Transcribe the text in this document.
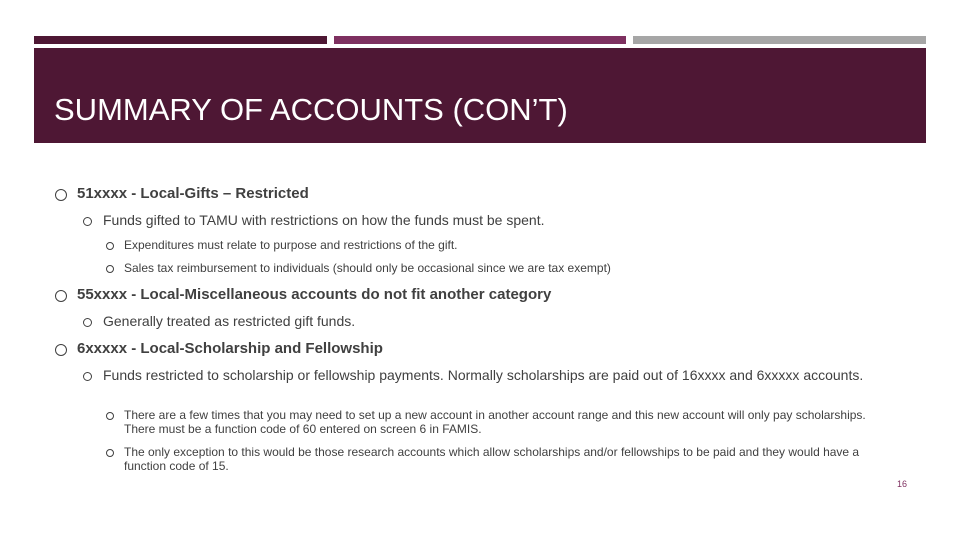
SUMMARY OF ACCOUNTS (CON’T)
51xxxx - Local-Gifts – Restricted
Funds gifted to TAMU with restrictions on how the funds must be spent.
Expenditures must relate to purpose and restrictions of the gift.
Sales tax reimbursement to individuals (should only be occasional since we are tax exempt)
55xxxx - Local-Miscellaneous accounts do not fit another category
Generally treated as restricted gift funds.
6xxxxx - Local-Scholarship and Fellowship
Funds restricted to scholarship or fellowship payments. Normally scholarships are paid out of 16xxxx and 6xxxxx accounts.
There are a few times that you may need to set up a new account in another account range and this new account will only pay scholarships. There must be a function code of 60 entered on screen 6 in FAMIS.
The only exception to this would be those research accounts which allow scholarships and/or fellowships to be paid and they would have a function code of 15.
16
